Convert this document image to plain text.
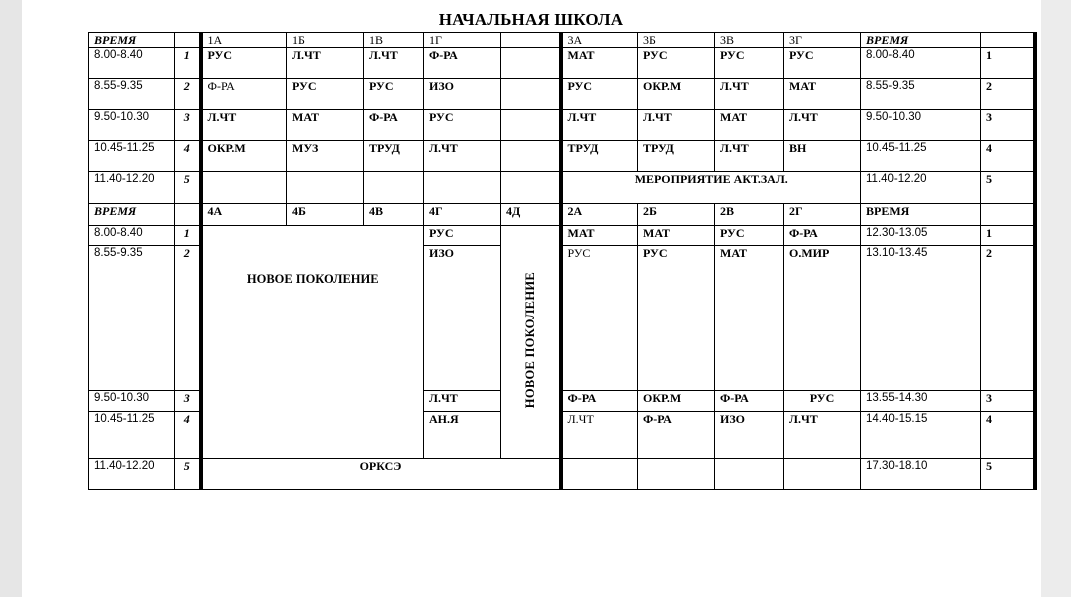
НАЧАЛЬНАЯ ШКОЛА
ВРЕМЯ		1А	1Б	1В	1Г		3А	3Б	3В	3Г	ВРЕМЯ	
8.00-8.40	1	РУС	Л.ЧТ	Л.ЧТ	Ф-РА		МАТ	РУС	РУС	РУС	8.00-8.40	1
8.55-9.35	2	Ф-РА	РУС	РУС	ИЗО		РУС	ОКР.М	Л.ЧТ	МАТ	8.55-9.35	2
9.50-10.30	3	Л.ЧТ	МАТ	Ф-РА	РУС		Л.ЧТ	Л.ЧТ	МАТ	Л.ЧТ	9.50-10.30	3
10.45-11.25	4	ОКР.М	МУЗ	ТРУД	Л.ЧТ		ТРУД	ТРУД	Л.ЧТ	ВН	10.45-11.25	4
11.40-12.20	5						МЕРОПРИЯТИЕ АКТ.ЗАЛ.				11.40-12.20	5
ВРЕМЯ		4А	4Б	4В	4Г	4Д	2А	2Б	2В	2Г	ВРЕМЯ	
8.00-8.40	1	НОВОЕ ПОКОЛЕНИЕ			РУС	НОВОЕ ПОКОЛЕНИЕ	МАТ	МАТ	РУС	Ф-РА	12.30-13.05	1
8.55-9.35	2				ИЗО		РУС	РУС	МАТ	О.МИР	13.10-13.45	2
9.50-10.30	3				Л.ЧТ		Ф-РА	ОКР.М	Ф-РА	РУС	13.55-14.30	3
10.45-11.25	4				АН.Я		Л.ЧТ	Ф-РА	ИЗО	Л.ЧТ	14.40-15.15	4
11.40-12.20	5	ОРКСЭ									17.30-18.10	5
